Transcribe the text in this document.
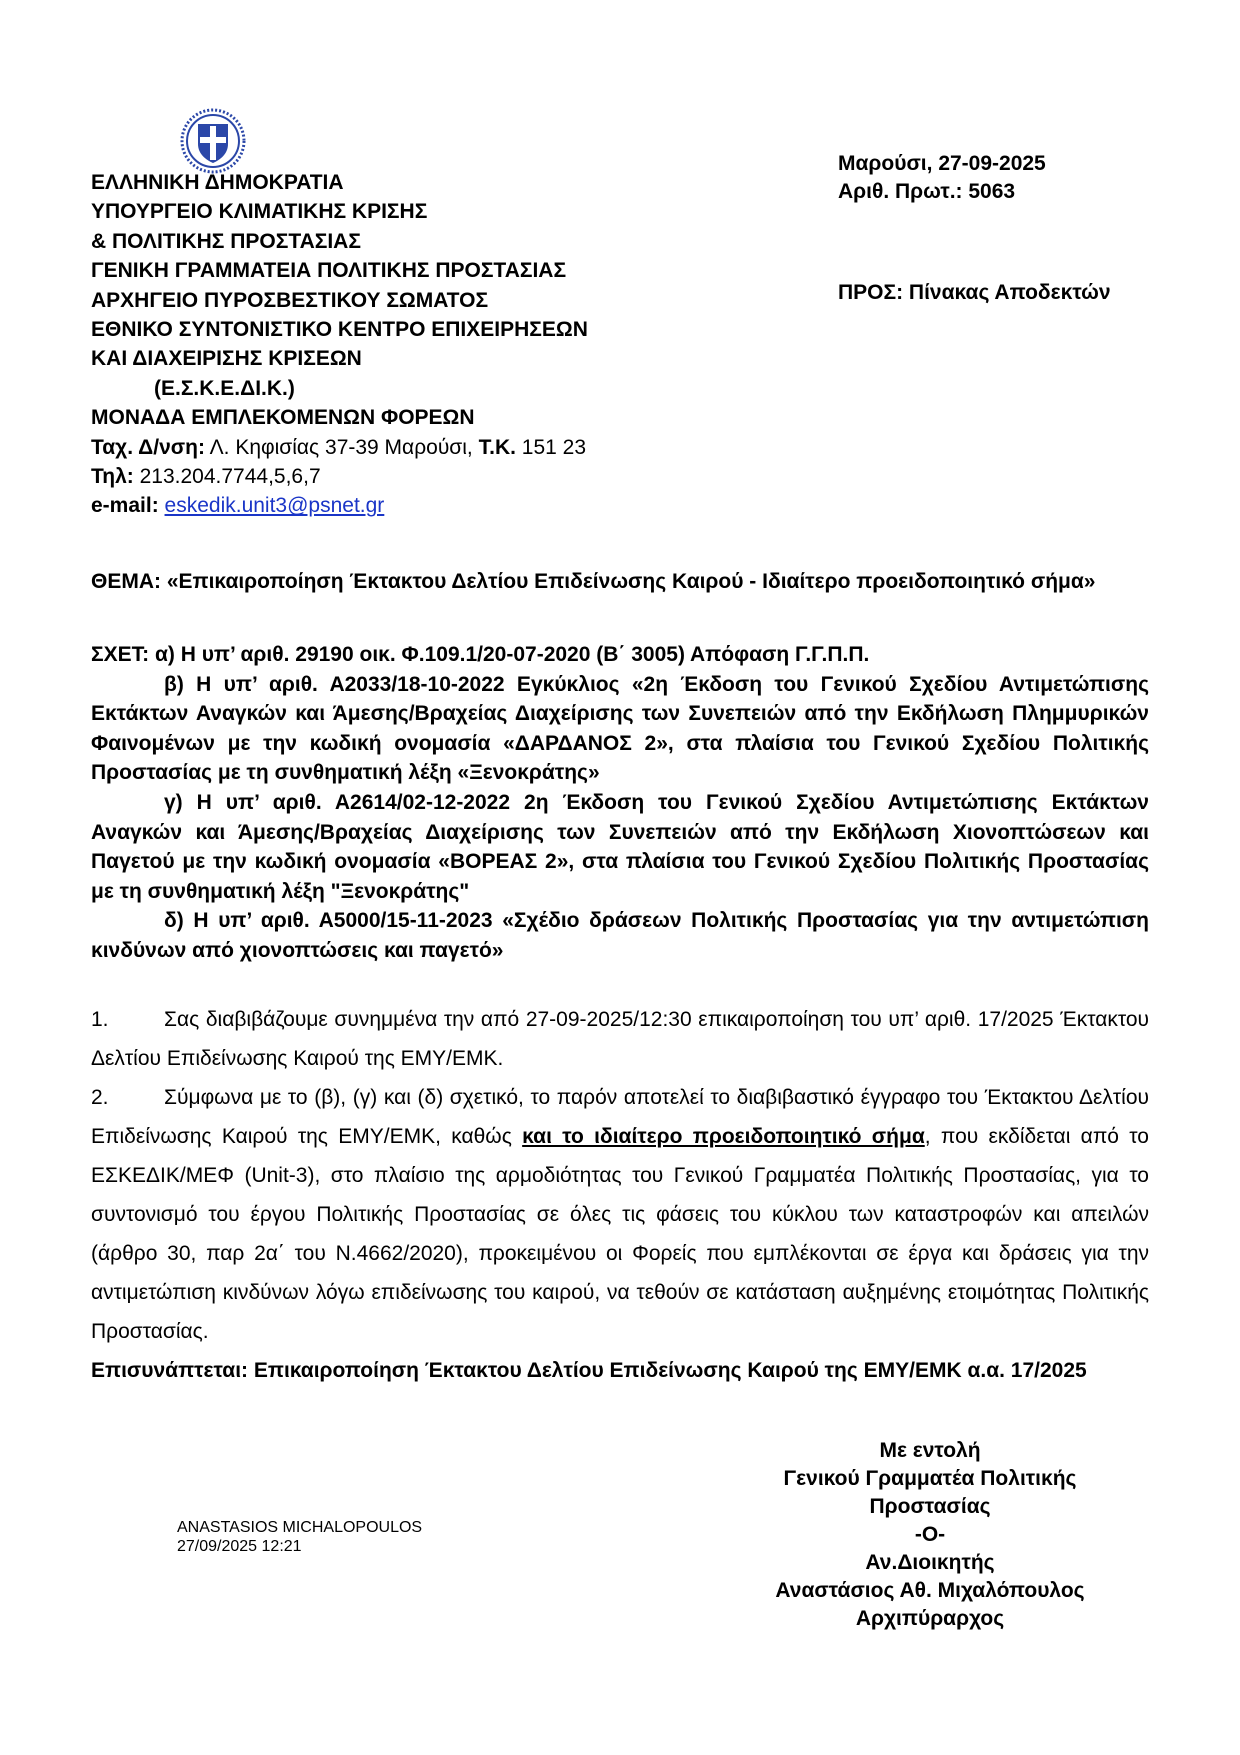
ΕΛΛΗΝΙΚΗ ΔΗΜΟΚΡΑΤΙΑ
ΥΠΟΥΡΓΕΙΟ ΚΛΙΜΑΤΙΚΗΣ ΚΡΙΣΗΣ
& ΠΟΛΙΤΙΚΗΣ ΠΡΟΣΤΑΣΙΑΣ
ΓΕΝΙΚΗ ΓΡΑΜΜΑΤΕΙΑ ΠΟΛΙΤΙΚΗΣ ΠΡΟΣΤΑΣΙΑΣ
ΑΡΧΗΓΕΙΟ ΠΥΡΟΣΒΕΣΤΙΚΟΥ ΣΩΜΑΤΟΣ
ΕΘΝΙΚΟ ΣΥΝΤΟΝΙΣΤΙΚΟ ΚΕΝΤΡΟ ΕΠΙΧΕΙΡΗΣΕΩΝ
ΚΑΙ ΔΙΑΧΕΙΡΙΣΗΣ ΚΡΙΣΕΩΝ
(Ε.Σ.Κ.Ε.ΔΙ.Κ.)
ΜΟΝΑΔΑ ΕΜΠΛΕΚΟΜΕΝΩΝ ΦΟΡΕΩΝ
Ταχ. Δ/νση: Λ. Κηφισίας 37-39 Μαρούσι, Τ.Κ. 151 23
Τηλ: 213.204.7744,5,6,7
e-mail: eskedik.unit3@psnet.gr
Μαρούσι, 27-09-2025
Αριθ. Πρωτ.: 5063
ΠΡΟΣ: Πίνακας Αποδεκτών
ΘΕΜΑ: «Επικαιροποίηση Έκτακτου Δελτίου Επιδείνωσης Καιρού - Ιδιαίτερο προειδοποιητικό σήμα»
ΣΧΕΤ: α) Η υπ’ αριθ. 29190 οικ. Φ.109.1/20-07-2020 (Β΄ 3005) Απόφαση Γ.Γ.Π.Π.
β) Η υπ’ αριθ. Α2033/18-10-2022 Εγκύκλιος «2η Έκδοση του Γενικού Σχεδίου Αντιμετώπισης Εκτάκτων Αναγκών και Άμεσης/Βραχείας Διαχείρισης των Συνεπειών από την Εκδήλωση Πλημμυρικών Φαινομένων με την κωδική ονομασία «ΔΑΡΔΑΝΟΣ 2», στα πλαίσια του Γενικού Σχεδίου Πολιτικής Προστασίας με τη συνθηματική λέξη «Ξενοκράτης»
γ) Η υπ’ αριθ. Α2614/02-12-2022 2η Έκδοση του Γενικού Σχεδίου Αντιμετώπισης Εκτάκτων Αναγκών και Άμεσης/Βραχείας Διαχείρισης των Συνεπειών από την Εκδήλωση Χιονοπτώσεων και Παγετού με την κωδική ονομασία «ΒΟΡΕΑΣ 2», στα πλαίσια του Γενικού Σχεδίου Πολιτικής Προστασίας με τη συνθηματική λέξη "Ξενοκράτης"
δ) Η υπ’ αριθ. Α5000/15-11-2023 «Σχέδιο δράσεων Πολιτικής Προστασίας για την αντιμετώπιση κινδύνων από χιονοπτώσεις και παγετό»

1.	Σας διαβιβάζουμε συνημμένα την από 27-09-2025/12:30 επικαιροποίηση του υπ’ αριθ. 17/2025 Έκτακτου Δελτίου Επιδείνωσης Καιρού της ΕΜΥ/ΕΜΚ.

2.	Σύμφωνα με το (β), (γ) και (δ) σχετικό, το παρόν αποτελεί το διαβιβαστικό έγγραφο του Έκτακτου Δελτίου Επιδείνωσης Καιρού της ΕΜΥ/ΕΜΚ, καθώς και το ιδιαίτερο προειδοποιητικό σήμα, που εκδίδεται από το ΕΣΚΕΔΙΚ/ΜΕΦ (Unit-3), στο πλαίσιο της αρμοδιότητας του Γενικού Γραμματέα Πολιτικής Προστασίας, για το συντονισμό του έργου Πολιτικής Προστασίας σε όλες τις φάσεις του κύκλου των καταστροφών και απειλών (άρθρο 30, παρ 2α΄ του Ν.4662/2020), προκειμένου οι Φορείς που εμπλέκονται σε έργα και δράσεις για την αντιμετώπιση κινδύνων λόγω επιδείνωσης του καιρού, να τεθούν σε κατάσταση αυξημένης ετοιμότητας Πολιτικής Προστασίας.

Επισυνάπτεται: Επικαιροποίηση Έκτακτου Δελτίου Επιδείνωσης Καιρού της ΕΜΥ/ΕΜΚ α.α. 17/2025

ANASTASIOS MICHALOPOULOS
27/09/2025 12:21
Με εντολή
Γενικού Γραμματέα Πολιτικής
Προστασίας
-Ο-
Αν.Διοικητής
Αναστάσιος Αθ. Μιχαλόπουλος
Αρχιπύραρχος
